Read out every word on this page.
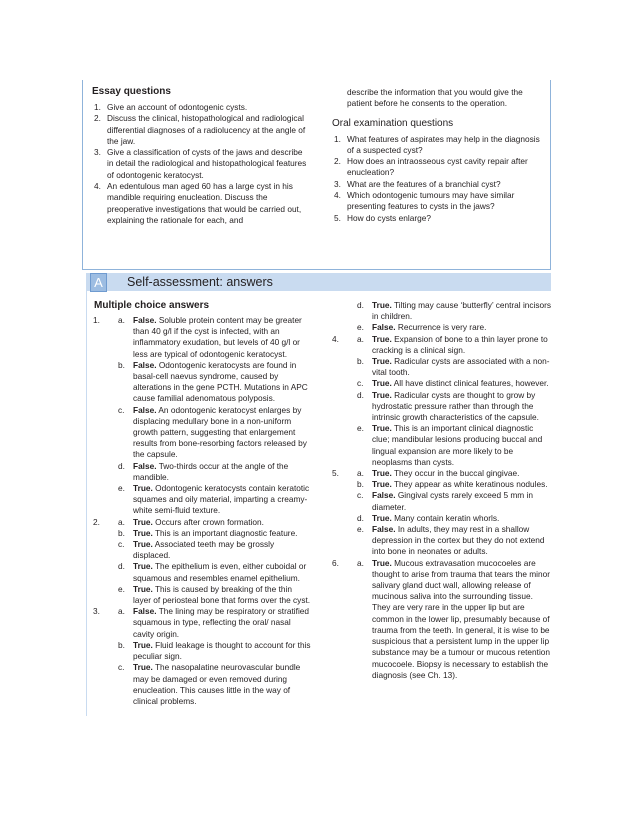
Essay questions
1. Give an account of odontogenic cysts.
2. Discuss the clinical, histopathological and radiological differential diagnoses of a radiolucency at the angle of the jaw.
3. Give a classification of cysts of the jaws and describe in detail the radiological and histopathological features of odontogenic keratocyst.
4. An edentulous man aged 60 has a large cyst in his mandible requiring enucleation. Discuss the preoperative investigations that would be carried out, explaining the rationale for each, and
describe the information that you would give the patient before he consents to the operation.
Oral examination questions
1. What features of aspirates may help in the diagnosis of a suspected cyst?
2. How does an intraosseous cyst cavity repair after enucleation?
3. What are the features of a branchial cyst?
4. Which odontogenic tumours may have similar presenting features to cysts in the jaws?
5. How do cysts enlarge?
A	Self-assessment: answers
Multiple choice answers
1. a. False. Soluble protein content may be greater than 40 g/l if the cyst is infected, with an inflammatory exudation, but levels of 40 g/l or less are typical of odontogenic keratocyst.
b. False. Odontogenic keratocysts are found in basal-cell naevus syndrome, caused by alterations in the gene PCTH. Mutations in APC cause familial adenomatous polyposis.
c. False. An odontogenic keratocyst enlarges by displacing medullary bone in a non-uniform growth pattern, suggesting that enlargement results from bone-resorbing factors released by the capsule.
d. False. Two-thirds occur at the angle of the mandible.
e. True. Odontogenic keratocysts contain keratotic squames and oily material, imparting a creamy-white semi-fluid texture.
2. a. True. Occurs after crown formation.
b. True. This is an important diagnostic feature.
c. True. Associated teeth may be grossly displaced.
d. True. The epithelium is even, either cuboidal or squamous and resembles enamel epithelium.
e. True. This is caused by breaking of the thin layer of periosteal bone that forms over the cyst.
3. a. False. The lining may be respiratory or stratified squamous in type, reflecting the oral/ nasal cavity origin.
b. True. Fluid leakage is thought to account for this peculiar sign.
c. True. The nasopalatine neurovascular bundle may be damaged or even removed during enucleation. This causes little in the way of clinical problems.
d. True. Tilting may cause ‘butterfly’ central incisors in children.
e. False. Recurrence is very rare.
4. a. True. Expansion of bone to a thin layer prone to cracking is a clinical sign.
b. True. Radicular cysts are associated with a non-vital tooth.
c. True. All have distinct clinical features, however.
d. True. Radicular cysts are thought to grow by hydrostatic pressure rather than through the intrinsic growth characteristics of the capsule.
e. True. This is an important clinical diagnostic clue; mandibular lesions producing buccal and lingual expansion are more likely to be neoplasms than cysts.
5. a. True. They occur in the buccal gingivae.
b. True. They appear as white keratinous nodules.
c. False. Gingival cysts rarely exceed 5 mm in diameter.
d. True. Many contain keratin whorls.
e. False. In adults, they may rest in a shallow depression in the cortex but they do not extend into bone in neonates or adults.
6. a. True. Mucous extravasation mucocoeles are thought to arise from trauma that tears the minor salivary gland duct wall, allowing release of mucinous saliva into the surrounding tissue. They are very rare in the upper lip but are common in the lower lip, presumably because of trauma from the teeth. In general, it is wise to be suspicious that a persistent lump in the upper lip substance may be a tumour or mucous retention mucocoele. Biopsy is necessary to establish the diagnosis (see Ch. 13).
